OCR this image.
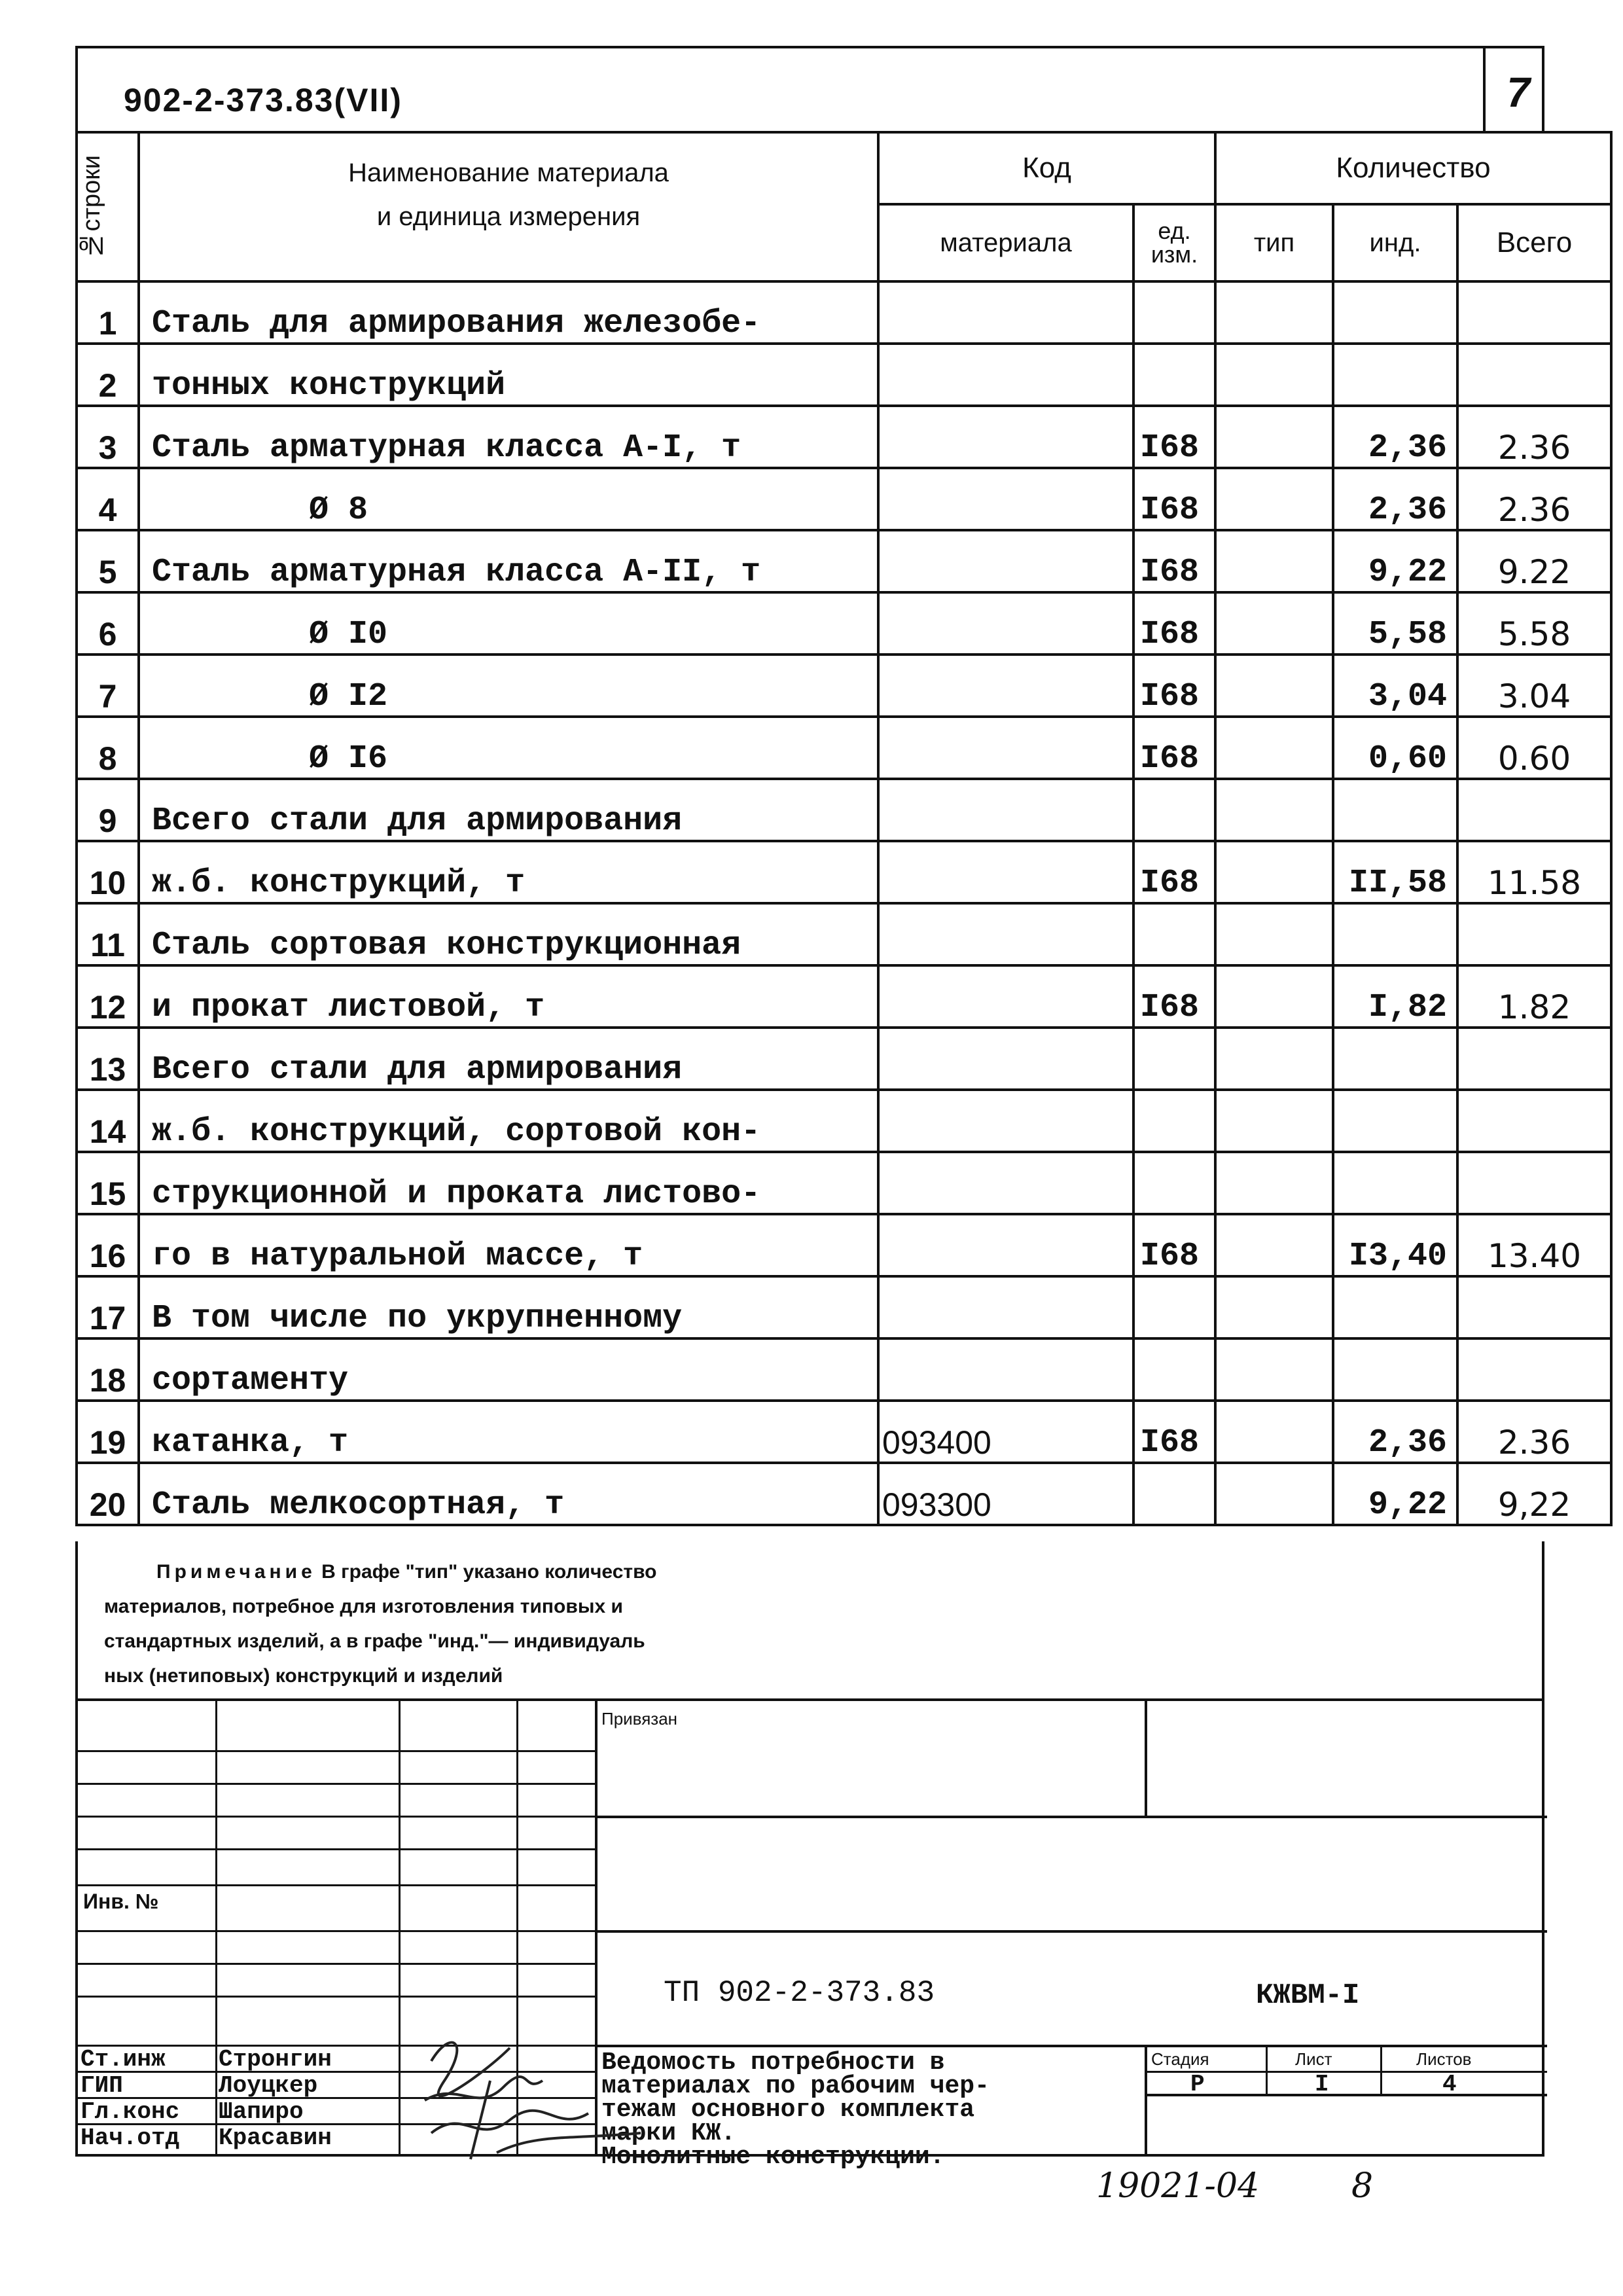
902-2-373.83(VII)	7
№строки	Наименование материала
и единица измерения	Код		Количество		
		материала	ед. изм.	тип	инд.	Всего
1	Сталь для армирования железобе-					
2	тонных конструкций					
3	Сталь арматурная класса А-I, т		I68		2,36	2.36
4	Ø 8		I68		2,36	2.36
5	Сталь арматурная класса А-II, т		I68		9,22	9.22
6	Ø I0		I68		5,58	5.58
7	Ø I2		I68		3,04	3.04
8	Ø I6		I68		0,60	0.60
9	Всего стали для армирования					
10	ж.б. конструкций, т		I68		II,58	11.58
11	Сталь сортовая конструкционная					
12	и прокат листовой, т		I68		I,82	1.82
13	Всего стали для армирования					
14	ж.б. конструкций, сортовой кон-					
15	струкционной и проката листово-					
16	го в натуральной массе, т		I68		I3,40	13.40
17	В том числе по укрупненному					
18	сортаменту					
19	катанка, т	093400	I68		2,36	2.36
20	Сталь мелкосортная, т	093300			9,22	9,22
Примечание В графе "тип" указано количество
материалов, потребное для изготовления типовых и
стандартных изделий, а в графе "инд."— индивидуаль
ных (нетиповых) конструкций и изделий
Привязан
Инв. №
ТП 902-2-373.83	КЖВМ-I
Ведомость потребности в
материалах по рабочим чер-
тежам основного комплекта
марки КЖ.
Монолитные конструкции.
Стадия	Лист	Листов
Р	I	4
Ст.инж Стронгин
ГИП	Лоуцкер
Гл.конс Шапиро
Нач.отд Красавин
19021-04	8
